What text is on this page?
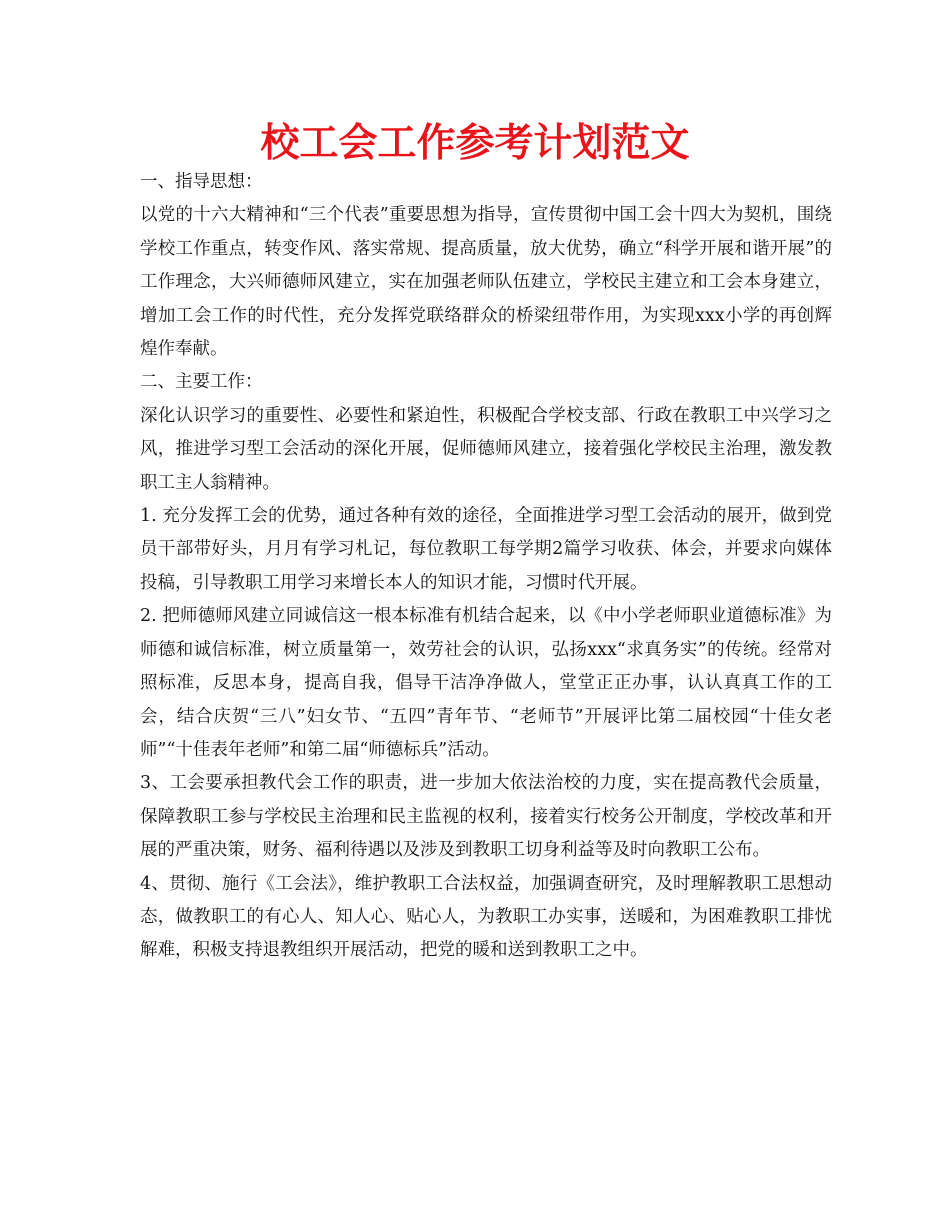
校工会工作参考计划范文

一、指导思想：

以党的十六大精神和“三个代表”重要思想为指导，宣传贯彻中国工会十四大为契机，围绕学校工作重点，转变作风、落实常规、提高质量，放大优势，确立“科学开展和谐开展”的工作理念，大兴师德师风建立，实在加强老师队伍建立，学校民主建立和工会本身建立，增加工会工作的时代性，充分发挥党联络群众的桥梁纽带作用，为实现xxx小学的再创辉煌作奉献。

二、主要工作：

深化认识学习的重要性、必要性和紧迫性，积极配合学校支部、行政在教职工中兴学习之风，推进学习型工会活动的深化开展，促师德师风建立，接着强化学校民主治理，激发教职工主人翁精神。

1. 充分发挥工会的优势，通过各种有效的途径，全面推进学习型工会活动的展开，做到党员干部带好头，月月有学习札记，每位教职工每学期2篇学习收获、体会，并要求向媒体投稿，引导教职工用学习来增长本人的知识才能，习惯时代开展。

2. 把师德师风建立同诚信这一根本标准有机结合起来，以《中小学老师职业道德标准》为师德和诚信标准，树立质量第一，效劳社会的认识，弘扬xxx“求真务实”的传统。经常对照标准，反思本身，提高自我，倡导干洁净净做人，堂堂正正办事，认认真真工作的工会，结合庆贺“三八”妇女节、“五四”青年节、“老师节”开展评比第二届校园“十佳女老师”“十佳表年老师”和第二届“师德标兵”活动。

3、工会要承担教代会工作的职责，进一步加大依法治校的力度，实在提高教代会质量，保障教职工参与学校民主治理和民主监视的权利，接着实行校务公开制度，学校改革和开展的严重决策，财务、福利待遇以及涉及到教职工切身利益等及时向教职工公布。

4、贯彻、施行《工会法》，维护教职工合法权益，加强调查研究，及时理解教职工思想动态，做教职工的有心人、知人心、贴心人，为教职工办实事，送暖和，为困难教职工排忧解难，积极支持退教组织开展活动，把党的暖和送到教职工之中。
